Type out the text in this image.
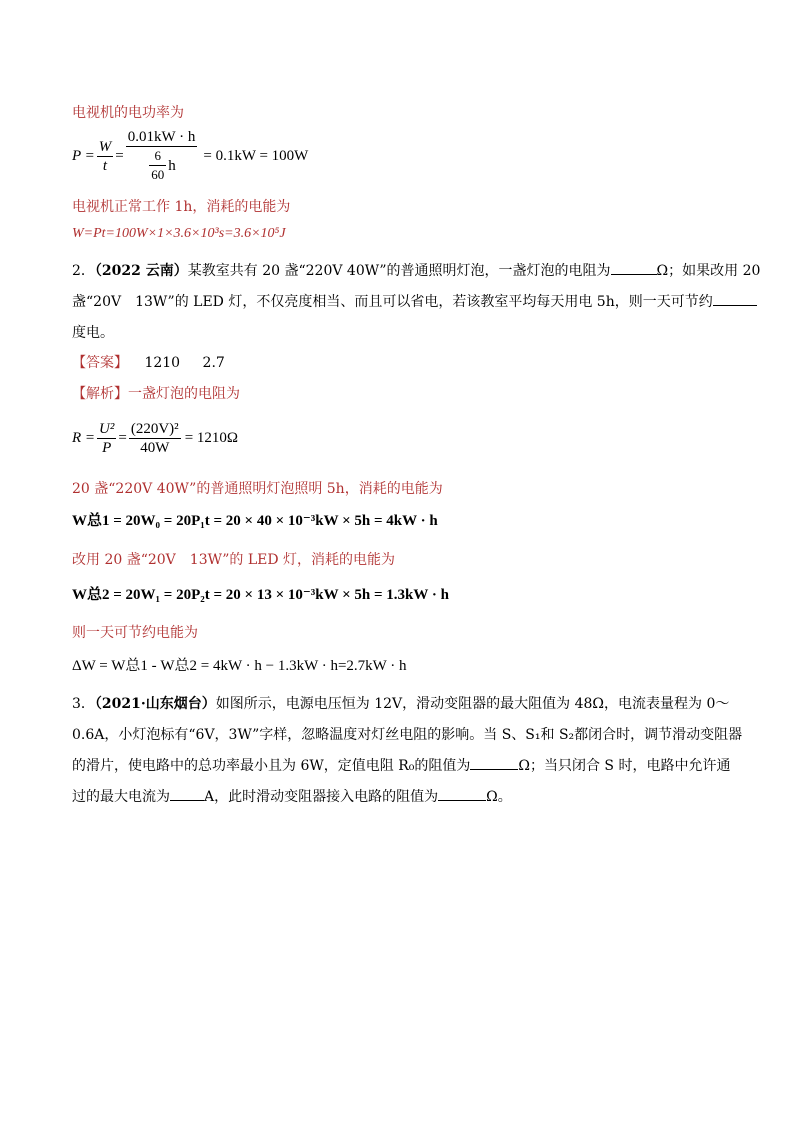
电视机的电功率为
$P = \frac{W}{t} = \frac{0.01kW \cdot h}{\frac{6}{60} h} = 0.1kW = 100W$
电视机正常工作 1h，消耗的电能为
W=Pt=100W×1×3.6×10³s=3.6×10⁵J
2．（2022 云南）某教室共有 20 盏“220V 40W”的普通照明灯泡，一盏灯泡的电阻为	Ω；如果改用 20
盏“20V　13W”的 LED 灯，不仅亮度相当、而且可以省电，若该教室平均每天用电 5h，则一天可节约
度电。
【答案】 1210 2.7
【解析】一盏灯泡的电阻为
$R = \frac{\text{U²}}{P} = \frac{\text{(220V)²}}{40W} = 1210\Omega$
20 盏“220V 40W”的普通照明灯泡照明 5h，消耗的电能为
W总1 = 20W₀ = 20P₁t = 20 × 40 × 10⁻³kW × 5h = 4kW · h
改用 20 盏“20V　13W”的 LED 灯，消耗的电能为
W总2 = 20W₁ = 20P₂t = 20 × 13 × 10⁻³kW × 5h = 1.3kW · h
则一天可节约电能为
ΔW = W总1 - W总2 = 4kW · h − 1.3kW · h=2.7kW · h
3．（2021·山东烟台）如图所示，电源电压恒为 12V，滑动变阻器的最大阻值为 48Ω，电流表量程为 0～
0.6A，小灯泡标有“6V，3W”字样，忽略温度对灯丝电阻的影响。当 S、S₁和 S₂都闭合时，调节滑动变阻器
的滑片，使电路中的总功率最小且为 6W，定值电阻 R₀的阻值为	Ω；当只闭合 S 时，电路中允许通
过的最大电流为 A，此时滑动变阻器接入电路的阻值为	Ω。
